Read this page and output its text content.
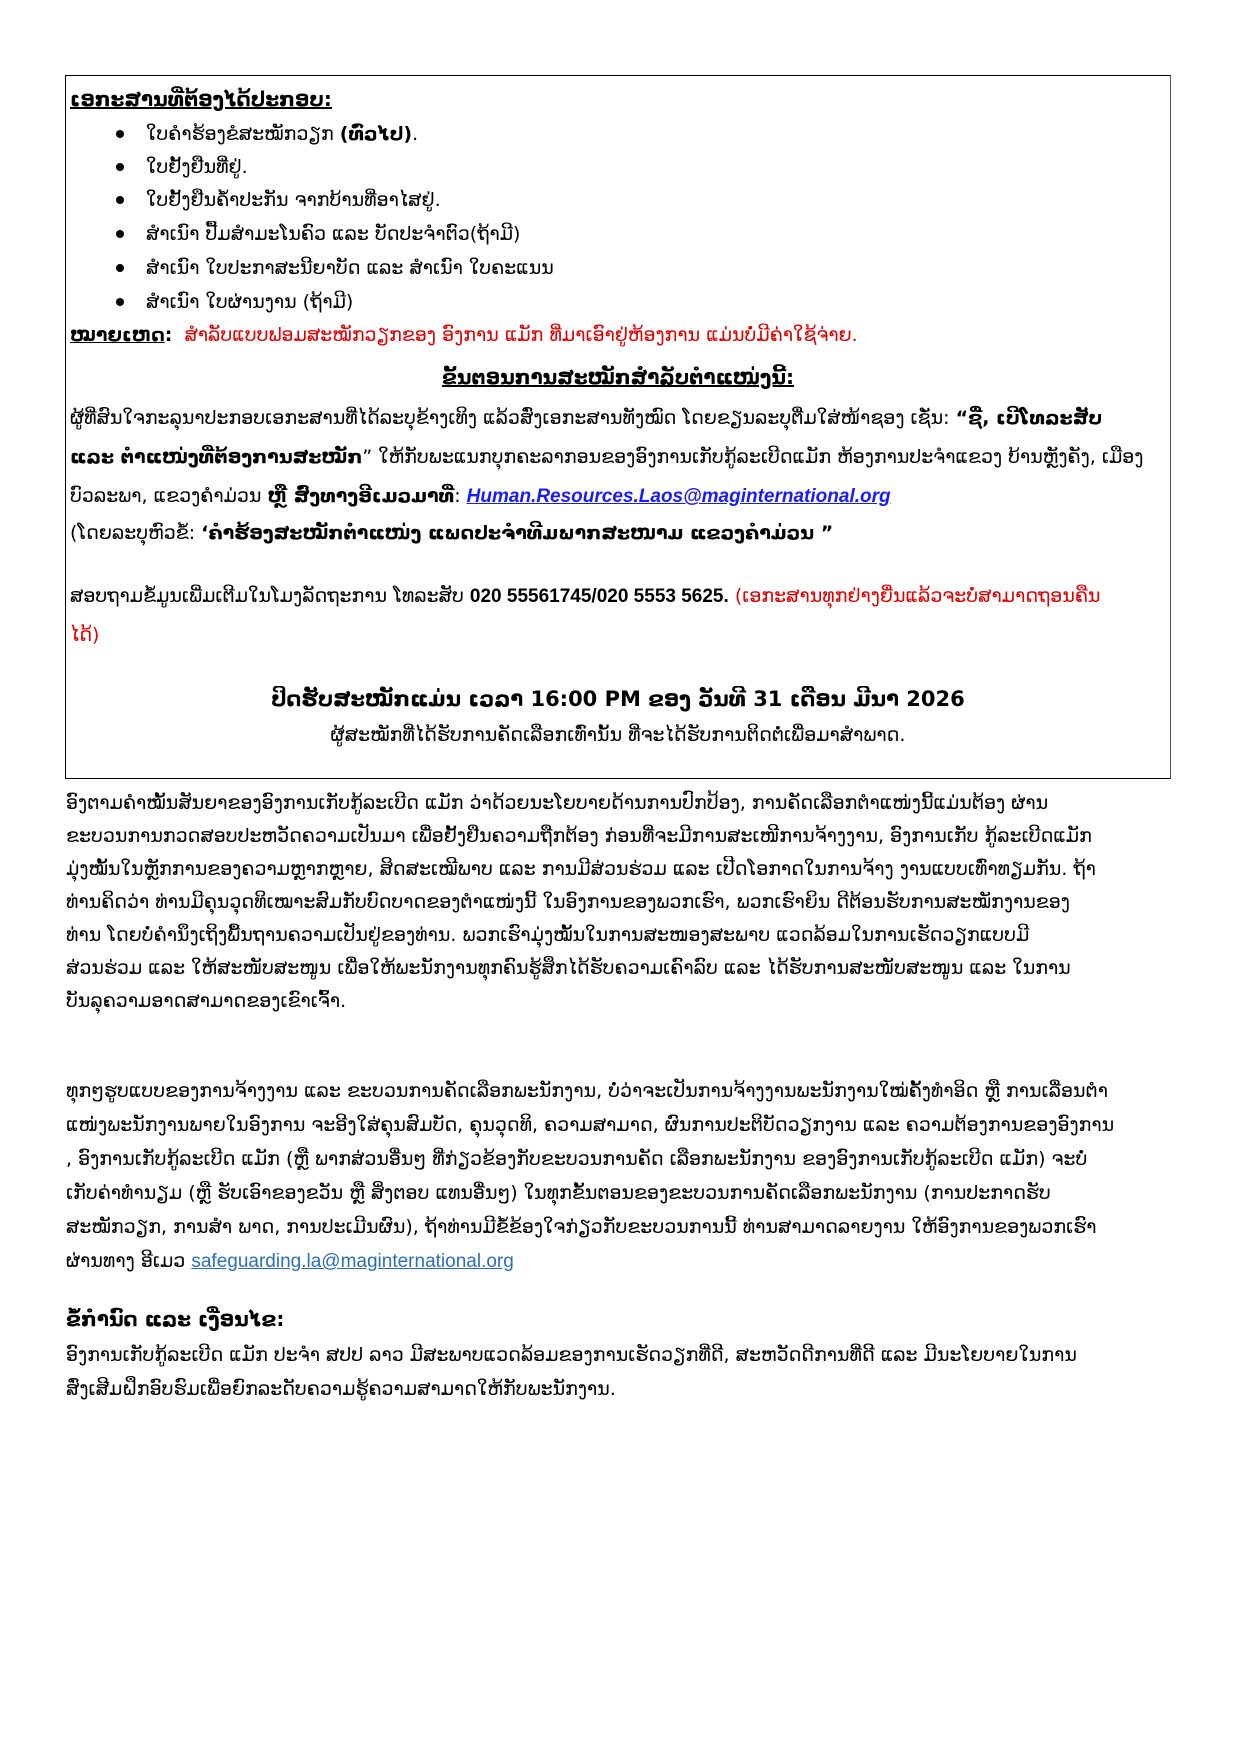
ເອກະສານທີ່ຕ້ອງໄດ້ປະກອບ:
ໃບຄໍາຮ້ອງຂໍສະໝັກວຽກ (ທົ່ວໄປ).
ໃບຢັ້ງຢືນທີ່ຢູ່.
ໃບຢັ້ງຢືນຄໍ້າປະກັນ ຈາກບ້ານທີ່ອາໄສຢູ່.
ສໍາເນົາ ປື້ມສໍາມະໂນຄົວ ແລະ ບັດປະຈໍາຕົວ(ຖ້າມີ)
ສໍາເນົາ ໃບປະກາສະນີຍາບັດ ແລະ ສໍາເນົາ ໃບຄະແນນ
ສໍາເນົາ ໃບຜ່ານງານ (ຖ້າມີ)
ໝາຍເຫດ: ສໍາລັບແບບຟອມສະໝັກວຽກຂອງ ອົງການ ແມັກ ທີ່ມາເອົາຢູ່ຫ້ອງການ ແມ່ນບໍ່ມີຄ່າໃຊ້ຈ່າຍ.
ຂັ້ນຕອນການສະໝັກສໍາລັບຕໍາແໜ່ງນີ້:
ຜູ້ທີ່ສົນໃຈກະລຸນາປະກອບເອກະສານທີ່ໄດ້ລະບຸຂ້າງເທິງ ແລ້ວສົ່ງເອກະສານທັງໝົດ ໂດຍຂຽນລະບຸຕື່ມໃສ່ໜ້າຊອງ ເຊັ່ນ: “ຊື່, ເບີໂທລະສັບ
ແລະ ຕໍາແໜ່ງທີ່ຕ້ອງການສະໝັກ” ໃຫ້ກັບພະແນກບຸກຄະລາກອນຂອງອົງການເກັບກູ້ລະເບີດແມັກ ຫ້ອງການປະຈໍາແຂວງ ບ້ານຫຼັງຄັງ, ເມືອງ
ບົວລະພາ, ແຂວງຄໍາມ່ວນ ຫຼື ສົ່ງທາງອີເມວມາທີ່: Human.Resources.Laos@maginternational.org
(ໂດຍລະບຸຫົວຂໍ້: ‘ຄໍາຮ້ອງສະໝັກຕໍາແໜ່ງ ແພດປະຈໍາທີມພາກສະໜາມ ແຂວງຄໍາມ່ວນ ”
ສອບຖາມຂໍ້ມູນເພີ່ມເຕີມໃນໂມງລັດຖະການ ໂທລະສັບ 020 55561745/020 5553 5625. (ເອກະສານທຸກຢ່າງຍື່ນແລ້ວຈະບໍ່ສາມາດຖອນຄືນ
ໄດ້)
ປິດຮັບສະໝັກແມ່ນ ເວລາ 16:00 PM ຂອງ ວັນທີ 31 ເດືອນ ມີນາ 2026
ຜູ້ສະໝັກທີ່ໄດ້ຮັບການຄັດເລືອກເທົ່ານັ້ນ ທີ່ຈະໄດ້ຮັບການຕິດຕໍ່ເພື່ອມາສໍາພາດ.
ອົງຕາມຄໍາໝັ້ນສັນຍາຂອງອົງການເກັບກູ້ລະເບີດ ແມັກ ວ່າດ້ວຍນະໂຍບາຍດ້ານການປົກປ້ອງ, ການຄັດເລືອກຕໍາແໜ່ງນີ້ແມ່ນຕ້ອງ ຜ່ານ
ຂະບວນການກວດສອບປະຫວັດຄວາມເປັນມາ ເພື່ອຢັ້ງຢືນຄວາມຖືກຕ້ອງ ກ່ອນທີ່ຈະມີການສະເໜີການຈ້າງງານ, ອົງການເກັບ ກູ້ລະເບີດແມັກ
ມຸ່ງໝັ້ນໃນຫຼັກການຂອງຄວາມຫຼາກຫຼາຍ, ສິດສະເໝີພາບ ແລະ ການມີສ່ວນຮ່ວມ ແລະ ເປີດໂອກາດໃນການຈ້າງ ງານແບບເທົ່າທຽມກັນ. ຖ້າ
ທ່ານຄິດວ່າ ທ່ານມີຄຸນວຸດທິເໝາະສົມກັບບົດບາດຂອງຕໍາແໜ່ງນີ້ ໃນອົງການຂອງພວກເຮົາ, ພວກເຮົາຍິນ ດີຕ້ອນຮັບການສະໝັກງານຂອງ
ທ່ານ ໂດຍບໍ່ຄໍານຶງເຖິງພື້ນຖານຄວາມເປັນຢູ່ຂອງທ່ານ. ພວກເຮົາມຸ່ງໝັ້ນໃນການສະໜອງສະພາບ ແວດລ້ອມໃນການເຮັດວຽກແບບມີ
ສ່ວນຮ່ວມ ແລະ ໃຫ້ສະໜັບສະໜູນ ເພື່ອໃຫ້ພະນັກງານທຸກຄົນຮູ້ສຶກໄດ້ຮັບຄວາມເຄົາລົບ ແລະ ໄດ້ຮັບການສະໜັບສະໜູນ ແລະ ໃນການ
ບັນລຸຄວາມອາດສາມາດຂອງເຂົາເຈົ້າ.
ທຸກໆຮູບແບບຂອງການຈ້າງງານ ແລະ ຂະບວນການຄັດເລືອກພະນັກງານ, ບໍ່ວ່າຈະເປັນການຈ້າງງານພະນັກງານໃໝ່ຄັ້ງທໍາອິດ ຫຼື ການເລື່ອນຕໍາ
ແໜ່ງພະນັກງານພາຍໃນອົງການ ຈະອີງໃສ່ຄຸນສົມບັດ, ຄຸນວຸດທິ, ຄວາມສາມາດ, ຜົນການປະຕິບັດວຽກງານ ແລະ ຄວາມຕ້ອງການຂອງອົງການ
, ອົງການເກັບກູ້ລະເບີດ ແມັກ (ຫຼື ພາກສ່ວນອື່ນໆ ທີ່ກ່ຽວຂ້ອງກັບຂະບວນການຄັດ ເລືອກພະນັກງານ ຂອງອົງການເກັບກູ້ລະເບີດ ແມັກ) ຈະບໍ່
ເກັບຄ່າທໍານຽມ (ຫຼື ຮັບເອົາຂອງຂວັນ ຫຼື ສິ່ງຕອບ ແທນອື່ນໆ) ໃນທຸກຂັ້ນຕອນຂອງຂະບວນການຄັດເລືອກພະນັກງານ (ການປະກາດຮັບ
ສະໝັກວຽກ, ການສໍາ ພາດ, ການປະເມີນຜົນ), ຖ້າທ່ານມີຂໍ້ຂ້ອງໃຈກ່ຽວກັບຂະບວນການນີ້ ທ່ານສາມາດລາຍງານ ໃຫ້ອົງການຂອງພວກເຮົາ
ຜ່ານທາງ ອີເມວ safeguarding.la@maginternational.org
ຂໍ້ກໍານົດ ແລະ ເງື່ອນໄຂ:
ອົງການເກັບກູ້ລະເບີດ ແມັກ ປະຈໍາ ສປປ ລາວ ມີສະພາບແວດລ້ອມຂອງການເຮັດວຽກທີ່ດີ, ສະຫວັດດີການທີ່ດີ ແລະ ມີນະໂຍບາຍໃນການ
ສົ່ງເສີມຝຶກອົບຮົມເພື່ອຍົກລະດັບຄວາມຮູ້ຄວາມສາມາດໃຫ້ກັບພະນັກງານ.
